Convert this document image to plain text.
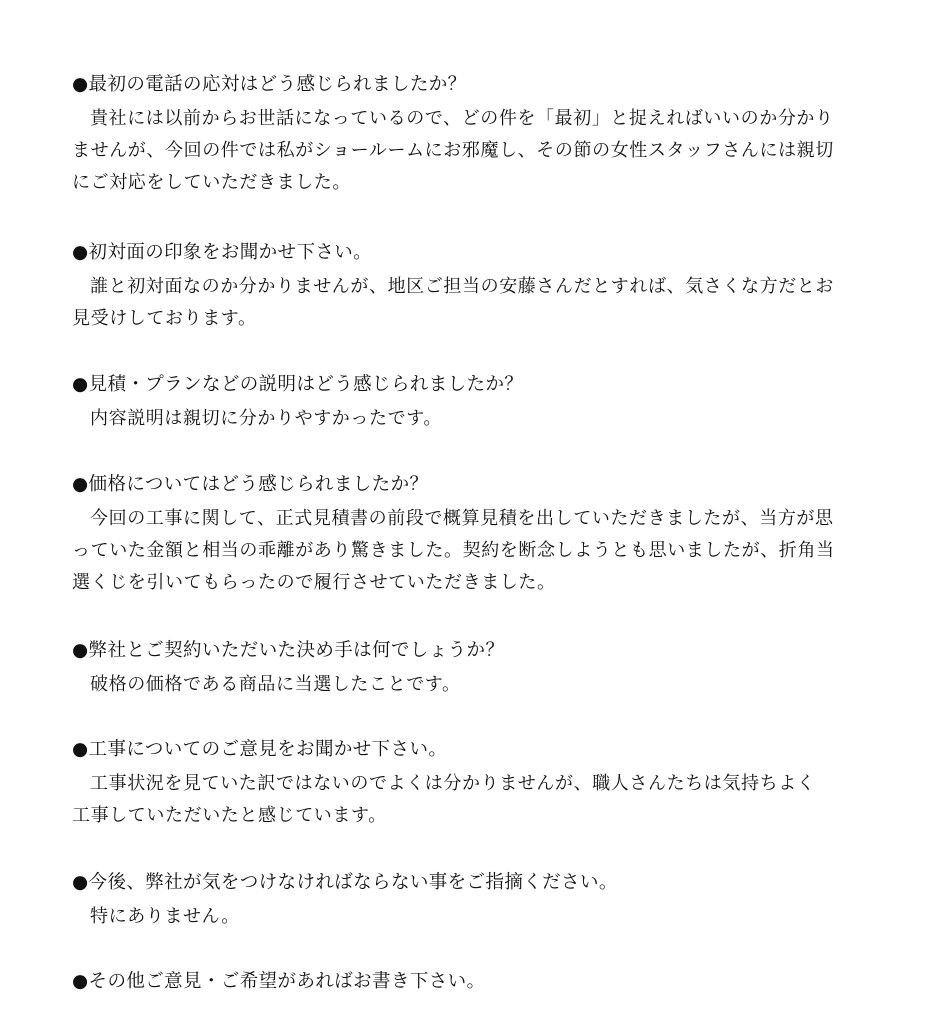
●最初の電話の応対はどう感じられましたか？
貴社には以前からお世話になっているので、どの件を「最初」と捉えればいいのか分かり
ませんが、今回の件では私がショールームにお邪魔し、その節の女性スタッフさんには親切
にご対応をしていただきました。
●初対面の印象をお聞かせ下さい。
誰と初対面なのか分かりませんが、地区ご担当の安藤さんだとすれば、気さくな方だとお
見受けしております。
●見積・プランなどの説明はどう感じられましたか？
内容説明は親切に分かりやすかったです。
●価格についてはどう感じられましたか？
今回の工事に関して、正式見積書の前段で概算見積を出していただきましたが、当方が思
っていた金額と相当の乖離があり驚きました。契約を断念しようとも思いましたが、折角当
選くじを引いてもらったので履行させていただきました。
●弊社とご契約いただいた決め手は何でしょうか？
破格の価格である商品に当選したことです。
●工事についてのご意見をお聞かせ下さい。
工事状況を見ていた訳ではないのでよくは分かりませんが、職人さんたちは気持ちよく
工事していただいたと感じています。
●今後、弊社が気をつけなければならない事をご指摘ください。
特にありません。
●その他ご意見・ご希望があればお書き下さい。
